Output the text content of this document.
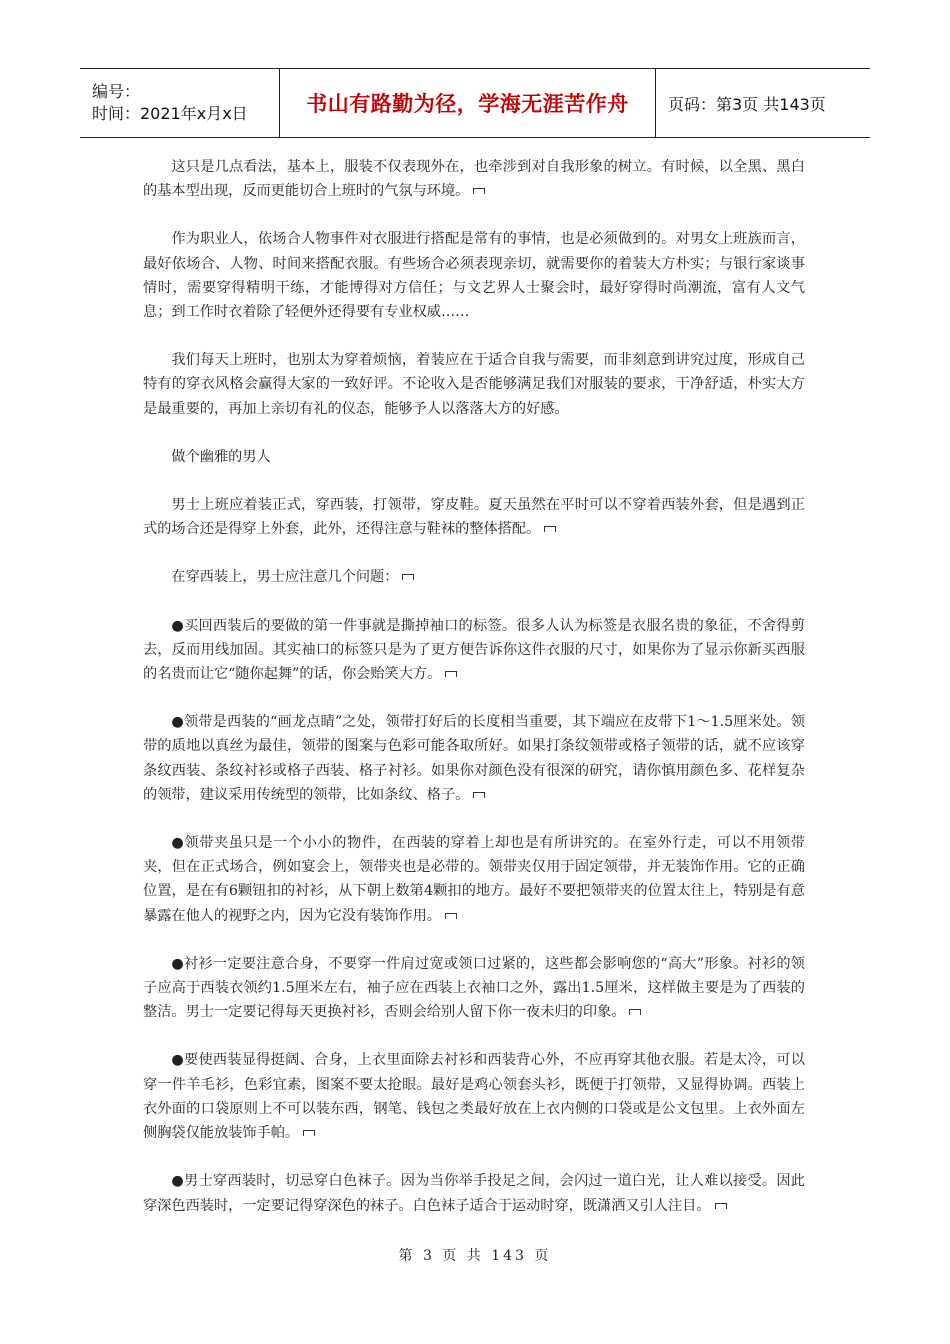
编号：
时间：2021年x月x日	书山有路勤为径，学海无涯苦作舟	页码：第3页 共143页

这只是几点看法，基本上，服装不仅表现外在，也牵涉到对自我形象的树立。有时候，以全黑、黑白的基本型出现，反而更能切合上班时的气氛与环境。

作为职业人，依场合人物事件对衣服进行搭配是常有的事情，也是必须做到的。对男女上班族而言，最好依场合、人物、时间来搭配衣服。有些场合必须表现亲切，就需要你的着装大方朴实；与银行家谈事情时，需要穿得精明干练，才能博得对方信任；与文艺界人士聚会时，最好穿得时尚潮流，富有人文气息；到工作时衣着除了轻便外还得要有专业权威……

我们每天上班时，也别太为穿着烦恼，着装应在于适合自我与需要，而非刻意到讲究过度，形成自己特有的穿衣风格会赢得大家的一致好评。不论收入是否能够满足我们对服装的要求，干净舒适，朴实大方是最重要的，再加上亲切有礼的仪态，能够予人以落落大方的好感。

做个幽雅的男人

男士上班应着装正式，穿西装，打领带，穿皮鞋。夏天虽然在平时可以不穿着西装外套，但是遇到正式的场合还是得穿上外套，此外，还得注意与鞋袜的整体搭配。

在穿西装上，男士应注意几个问题：

●买回西装后的要做的第一件事就是撕掉袖口的标签。很多人认为标签是衣服名贵的象征，不舍得剪去，反而用线加固。其实袖口的标签只是为了更方便告诉你这件衣服的尺寸，如果你为了显示你新买西服的名贵而让它“随你起舞”的话，你会贻笑大方。

●领带是西装的“画龙点睛”之处，领带打好后的长度相当重要，其下端应在皮带下1～1.5厘米处。领带的质地以真丝为最佳，领带的图案与色彩可能各取所好。如果打条纹领带或格子领带的话，就不应该穿条纹西装、条纹衬衫或格子西装、格子衬衫。如果你对颜色没有很深的研究，请你慎用颜色多、花样复杂的领带，建议采用传统型的领带，比如条纹、格子。

●领带夹虽只是一个小小的物件，在西装的穿着上却也是有所讲究的。在室外行走，可以不用领带夹，但在正式场合，例如宴会上，领带夹也是必带的。领带夹仅用于固定领带，并无装饰作用。它的正确位置，是在有6颗钮扣的衬衫，从下朝上数第4颗扣的地方。最好不要把领带夹的位置太往上，特别是有意暴露在他人的视野之内，因为它没有装饰作用。

●衬衫一定要注意合身，不要穿一件肩过宽或领口过紧的，这些都会影响您的“高大”形象。衬衫的领子应高于西装衣领约1.5厘米左右，袖子应在西装上衣袖口之外，露出1.5厘米，这样做主要是为了西装的整洁。男士一定要记得每天更换衬衫，否则会给别人留下你一夜未归的印象。

●要使西装显得挺阔、合身，上衣里面除去衬衫和西装背心外，不应再穿其他衣服。若是太冷，可以穿一件羊毛衫，色彩宜素，图案不要太抢眼。最好是鸡心领套头衫，既便于打领带，又显得协调。西装上衣外面的口袋原则上不可以装东西，钢笔、钱包之类最好放在上衣内侧的口袋或是公文包里。上衣外面左侧胸袋仅能放装饰手帕。

●男士穿西装时，切忌穿白色袜子。因为当你举手投足之间，会闪过一道白光，让人难以接受。因此穿深色西装时，一定要记得穿深色的袜子。白色袜子适合于运动时穿，既潇洒又引人注目。

第 3 页 共 143 页
